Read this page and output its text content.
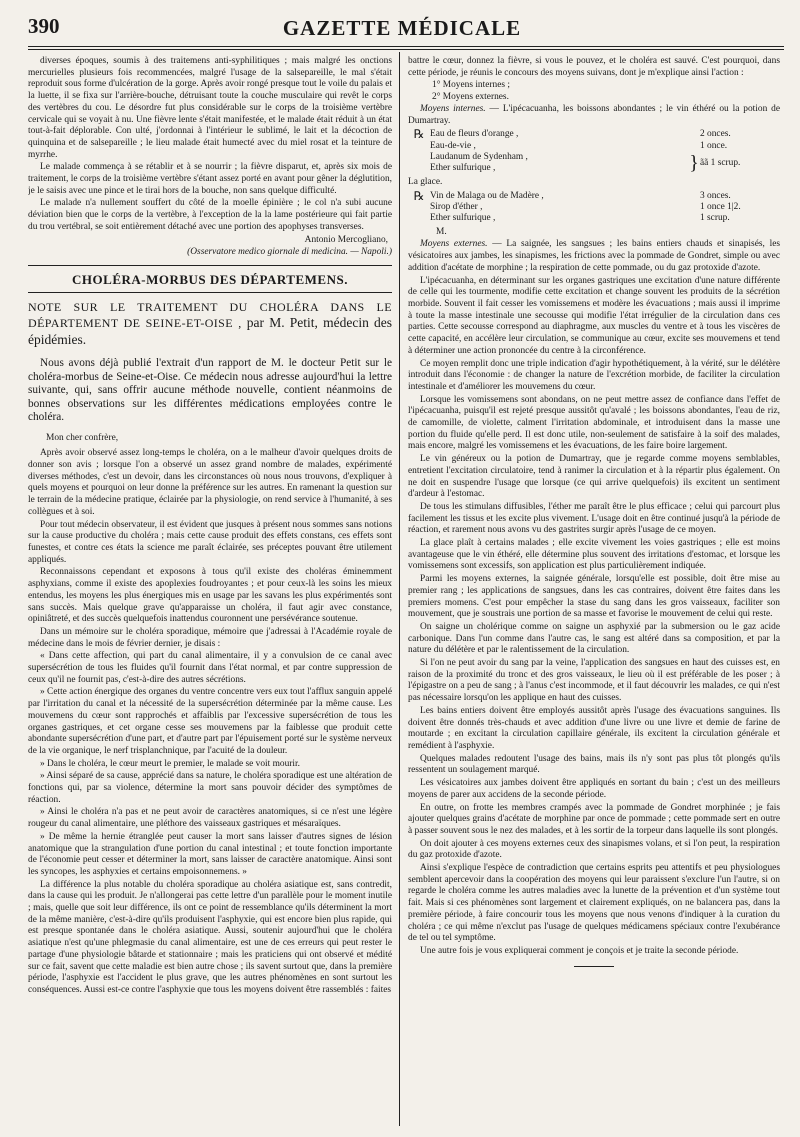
390	GAZETTE MÉDICALE

diverses époques, soumis à des traitemens anti-syphilitiques ; mais malgré les onctions mercurielles plusieurs fois recommencées, malgré l'usage de la salsepareille, le mal s'était reproduit sous forme d'ulcération de la gorge. Après avoir rongé presque tout le voile du palais et la luette, il se fixa sur l'arrière-bouche, détruisant toute la couche musculaire qui revêt le corps des vertèbres du cou. Le désordre fut plus considérable sur le corps de la troisième vertèbre cervicale qui se voyait à nu. Une fièvre lente s'était manifestée, et le malade était réduit à un état tout-à-fait déplorable. Con ulté, j'ordonnai à l'intérieur le sublimé, le lait et la décoction de quinquina et de salsepareille ; le lieu malade était humecté avec du miel rosat et la teinture de myrrhe.

Le malade commença à se rétablir et à se nourrir ; la fièvre disparut, et, après six mois de traitement, le corps de la troisième vertèbre s'étant assez porté en avant pour gêner la déglutition, je le saisis avec une pince et le tirai hors de la bouche, non sans quelque difficulté.

Le malade n'a nullement souffert du côté de la moelle épinière ; le col n'a subi aucune déviation bien que le corps de la vertèbre, à l'exception de la la lame postérieure qui fait partie du trou vertébral, se soit entièrement détaché avec une portion des apophyses transverses.

Antonio Mercogliano,

(Osservatore medico giornale di medicina. — Napoli.)

CHOLÉRA-MORBUS DES DÉPARTEMENS.

NOTE SUR LE TRAITEMENT DU CHOLÉRA DANS LE DÉPARTEMENT DE SEINE-ET-OISE , par M. Petit, médecin des épidémies.

Nous avons déjà publié l'extrait d'un rapport de M. le docteur Petit sur le choléra-morbus de Seine-et-Oise. Ce médecin nous adresse aujourd'hui la lettre suivante, qui, sans offrir aucune méthode nouvelle, contient néanmoins de bonnes observations sur les différentes médications employées contre le choléra.

Mon cher confrère,

Après avoir observé assez long-temps le choléra, on a le malheur d'avoir quelques droits de donner son avis ; lorsque l'on a observé un assez grand nombre de malades, expérimenté diverses méthodes, c'est un devoir, dans les circonstances où nous nous trouvons, d'expliquer à quels moyens et pourquoi on leur donne la préférence sur les autres. En ramenant la question sur le terrain de la médecine pratique, éclairée par la physiologie, on rend service à l'humanité, à ses collègues et à soi.

Pour tout médecin observateur, il est évident que jusques à présent nous sommes sans notions sur la cause productive du choléra ; mais cette cause produit des effets constans, ces effets sont funestes, et contre ces états la science me paraît éclairée, ses préceptes pouvant être utilement appliqués.

Reconnaissons cependant et exposons à tous qu'il existe des choléras éminemment asphyxians, comme il existe des apoplexies foudroyantes ; et pour ceux-là les soins les mieux entendus, les moyens les plus énergiques mis en usage par les savans les plus expérimentés sont sans succès. Mais quelque grave qu'apparaisse un choléra, il faut agir avec constance, opiniâtreté, et des succès quelquefois inattendus couronnent une persévérance soutenue.

Dans un mémoire sur le choléra sporadique, mémoire que j'adressai à l'Académie royale de médecine dans le mois de février dernier, je disais :

« Dans cette affection, qui part du canal alimentaire, il y a convulsion de ce canal avec supersécrétion de tous les fluides qu'il fournit dans l'état normal, et par contre suppression de ceux qu'il ne fournit pas, c'est-à-dire des autres sécrétions.

» Cette action énergique des organes du ventre concentre vers eux tout l'afflux sanguin appelé par l'irritation du canal et la nécessité de la supersécrétion déterminée par la même cause. Les mouvemens du cœur sont rapprochés et affaiblis par l'excessive supersécrétion de tous les organes gastriques, et cet organe cesse ses mouvemens par la faiblesse que produit cette abondante supersécrétion d'une part, et d'autre part par l'épuisement porté sur le système nerveux de la vie organique, le nerf trisplanchnique, par l'acuité de la douleur.

» Dans le choléra, le cœur meurt le premier, le malade se voit mourir.

» Ainsi séparé de sa cause, apprécié dans sa nature, le choléra sporadique est une altération de fonctions qui, par sa violence, détermine la mort sans pouvoir décider des symptômes de réaction.

» Ainsi le choléra n'a pas et ne peut avoir de caractères anatomiques, si ce n'est une légère rougeur du canal alimentaire, une pléthore des vaisseaux gastriques et mésaraïques.

» De même la hernie étranglée peut causer la mort sans laisser d'autres signes de lésion anatomique que la strangulation d'une portion du canal intestinal ; et toute fonction importante de l'économie peut cesser et déterminer la mort, sans laisser de caractère anatomique. Ainsi sont les syncopes, les asphyxies et certains empoisonnemens. »

La différence la plus notable du choléra sporadique au choléra asiatique est, sans contredit, dans la cause qui les produit. Je n'allongerai pas cette lettre d'un parallèle pour le moment inutile ; mais, quelle que soit leur différence, ils ont ce point de ressemblance qu'ils déterminent la mort de la même manière, c'est-à-dire qu'ils produisent l'asphyxie, qui est encore bien plus rapide, qui est presque spontanée dans le choléra asiatique. Aussi, soutenir aujourd'hui que le choléra asiatique n'est qu'une phlegmasie du canal alimentaire, est une de ces erreurs qui peut rester le partage d'une physiologie bâtarde et stationnaire ; mais les praticiens qui ont observé et médité sur ce fait, savent que cette maladie est bien autre chose ; ils savent surtout que, dans la première période, l'asphyxie est l'accident le plus grave, que les autres phénomènes en sont surtout les conséquences. Aussi est-ce contre l'asphyxie que tous les moyens doivent être rassemblés : faites

battre le cœur, donnez la fièvre, si vous le pouvez, et le choléra est sauvé. C'est pourquoi, dans cette période, je réunis le concours des moyens suivans, dont je m'explique ainsi l'action :

1° Moyens internes ;

2° Moyens externes.

Moyens internes. — L'ipécacuanha, les boissons abondantes ; le vin éthéré ou la potion de Dumartray.

℞	Eau de fleurs d'orange ,		2 onces.
	Eau-de-vie ,		1 once.
	Laudanum de Sydenham ,	}	ãã 1 scrup.
	Ether sulfurique ,		

La glace.

℞	Vin de Malaga ou de Madère ,		3 onces.
	Sirop d'éther ,		1 once 1|2.
	Ether sulfurique ,		1 scrup.

M.

Moyens externes. — La saignée, les sangsues ; les bains entiers chauds et sinapisés, les vésicatoires aux jambes, les sinapismes, les frictions avec la pommade de Gondret, simple ou avec addition d'acétate de morphine ; la respiration de cette pommade, ou du gaz protoxide d'azote.

L'ipécacuanha, en déterminant sur les organes gastriques une excitation d'une nature différente de celle qui les tourmente, modifie cette excitation et change souvent les produits de la sécrétion morbide. Souvent il fait cesser les vomissemens et modère les évacuations ; mais aussi il imprime à toute la masse intestinale une secousse qui modifie l'état irrégulier de la circulation dans ces parties. Cette secousse correspond au diaphragme, aux muscles du ventre et à tous les viscères de cette capacité, en accélère leur circulation, se communique au cœur, excite ses mouvemens et tend à déterminer une action prononcée du centre à la circonférence.

Ce moyen remplit donc une triple indication d'agir hypothétiquement, à la vérité, sur le délétère introduit dans l'économie : de changer la nature de l'excrétion morbide, de faciliter la circulation intestinale et d'améliorer les mouvemens du cœur.

Lorsque les vomissemens sont abondans, on ne peut mettre assez de confiance dans l'effet de l'ipécacuanha, puisqu'il est rejeté presque aussitôt qu'avalé ; les boissons abondantes, l'eau de riz, de camomille, de violette, calment l'irritation abdominale, et introduisent dans la masse une portion du fluide qu'elle perd. Il est donc utile, non-seulement de satisfaire à la soif des malades, mais encore, malgré les vomissemens et les évacuations, de les faire boire largement.

Le vin généreux ou la potion de Dumartray, que je regarde comme moyens semblables, entretient l'excitation circulatoire, tend à ranimer la circulation et à la répartir plus également. On ne doit en suspendre l'usage que lorsque (ce qui arrive quelquefois) ils excitent un sentiment d'ardeur à l'estomac.

De tous les stimulans diffusibles, l'éther me paraît être le plus efficace ; celui qui parcourt plus facilement les tissus et les excite plus vivement. L'usage doit en être continué jusqu'à la période de réaction, et rarement nous avons vu des gastrites surgir après l'usage de ce moyen.

La glace plaît à certains malades ; elle excite vivement les voies gastriques ; elle est moins avantageuse que le vin éthéré, elle détermine plus souvent des irritations d'estomac, et lorsque les vomissemens sont excessifs, son application est plus particulièrement indiquée.

Parmi les moyens externes, la saignée générale, lorsqu'elle est possible, doit être mise au premier rang ; les applications de sangsues, dans les cas contraires, doivent être faites dans les premiers momens. C'est pour empêcher la stase du sang dans les gros vaisseaux, faciliter son mouvement, que je soustrais une portion de sa masse et favorise le mouvement de celui qui reste.

On saigne un cholérique comme on saigne un asphyxié par la submersion ou le gaz acide carbonique. Dans l'un comme dans l'autre cas, le sang est altéré dans sa composition, et par la nature du délétère et par le ralentissement de la circulation.

Si l'on ne peut avoir du sang par la veine, l'application des sangsues en haut des cuisses est, en raison de la proximité du tronc et des gros vaisseaux, le lieu où il est préférable de les poser ; à l'épigastre on a peu de sang ; à l'anus c'est incommode, et il faut découvrir les malades, ce qui n'est pas nécessaire lorsqu'on les applique en haut des cuisses.

Les bains entiers doivent être employés aussitôt après l'usage des évacuations sanguines. Ils doivent être donnés très-chauds et avec addition d'une livre ou une livre et demie de farine de moutarde ; en excitant la circulation capillaire générale, ils excitent la circulation générale et remédient à l'asphyxie.

Quelques malades redoutent l'usage des bains, mais ils n'y sont pas plus tôt plongés qu'ils ressentent un soulagement marqué.

Les vésicatoires aux jambes doivent être appliqués en sortant du bain ; c'est un des meilleurs moyens de parer aux accidens de la seconde période.

En outre, on frotte les membres crampés avec la pommade de Gondret morphinée ; je fais ajouter quelques grains d'acétate de morphine par once de pommade ; cette pommade sert en outre à passer souvent sous le nez des malades, et à les sortir de la torpeur dans laquelle ils sont plongés.

On doit ajouter à ces moyens externes ceux des sinapismes volans, et si l'on peut, la respiration du gaz protoxide d'azote.

Ainsi s'explique l'espèce de contradiction que certains esprits peu attentifs et peu physiologues semblent apercevoir dans la coopération des moyens qui leur paraissent s'exclure l'un l'autre, si on regarde le choléra comme les autres maladies avec la lunette de la prévention et d'un système tout fait. Mais si ces phénomènes sont largement et clairement expliqués, on ne balancera pas, dans la première période, à faire concourir tous les moyens que nous venons d'indiquer à la curation du choléra ; ce qui même n'exclut pas l'usage de quelques médicamens spéciaux contre l'exubérance de tel ou tel symptôme.

Une autre fois je vous expliquerai comment je conçois et je traite la seconde période.
